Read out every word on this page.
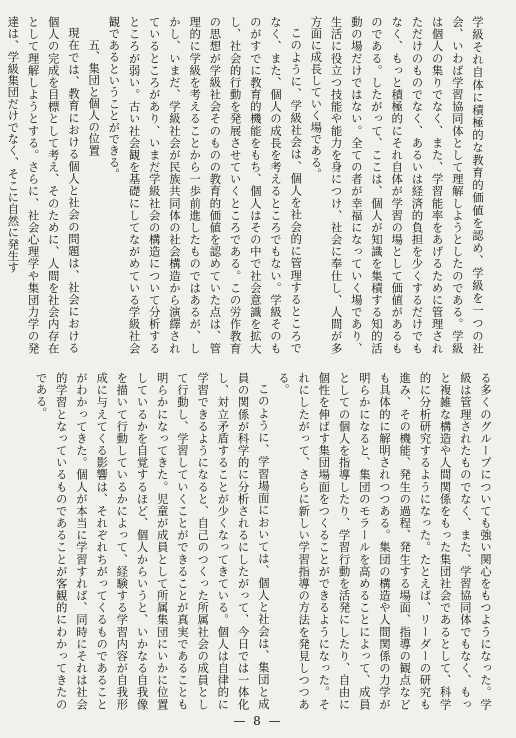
学級それ自体に積極的な教育的価値を認め、学級を一つの社会、いわば学習協同体として理解しようとしたのである。学級は個人の集りでなく、また、学習能率をあげるために管理されただけのものでなく、あるいは経済的負担を少くするだけでもなく、もっと積極的にそれ自体が学習の場として価値があるものである。したがって、ここは、個人が知識を集積する知的活動の場だけではない。全ての者が幸福になっていく場であり、生活に役立つ技能や能力を身につけ、社会に奉仕し、人間が多方面に成長していく場である。

このように、学級社会は、個人を社会的に管理するところでなく、また、個人の成長を考えるところでもない。学級そのものがすでに教育的機能をもち、個人はその中で社会意識を拡大し、社会的行動を発展させていくところである。この労作教育の思想が学級社会そのものの教育的価値を認めていた点は、管理的に学級を考えることから一歩前進したものではあるが、しかし、いまだ、学級社会が民族共同体の社会構造から演繹されているところがあり、いまだ学級社会の構造について分析するところが弱い。古い社会観を基礎にしてながめている学級社会観であるということができる。

五、集団と個人の位置

現在では、教育における個人と社会の問題は、社会における個人の完成を目標として考え、そのために、人間を社会内存在として理解しようとする。さらに、社会心理学や集団力学の発達は、学級集団だけでなく、そこに自然に発生す

る多くのグループについても強い関心をもつようになった。学級は管理されたものでなく、また、学習協同体でもなく、もっと複雑な構造や人間関係をもった集団社会であるとして、科学的に分析研究するようになった。たとえば、リーダーの研究も進み、その機能、発生の過程、発生する場面、指導の観点なども具体的に解明されつつある。集団の構造や人間関係の力学が明らかになると、集団のモラールを高めることによって、成員としての個人を指導したり、学習行動を活発にしたり、自由に個性を伸ばす集団場面をつくることができるようになった。それにしたがって、さらに新しい学習指導の方法を発見しつつある。

このように、学習場面においては、個人と社会は、集団と成員の関係が科学的に分析されるにしたがって、今日では一体化し、対立矛盾することが少くなってきている。個人は自律的に学習できるようになると、自己のつくった所属社会の成員として行動し、学習していくことができることが真実であることも明らかになってきた。児童が成員として所属集団にいかに位置しているかを自覚するほど、個人からいうと、いかなる自我像を描いて行動しているかによって、経験する学習内容が自我形成に与えてくる影響は、それぞれちがってくるものであることがわかってきた。個人が本当に学習すれば、同時にそれは社会的学習となっているものであることが客観的にわかってきたのである。

— 8 —
